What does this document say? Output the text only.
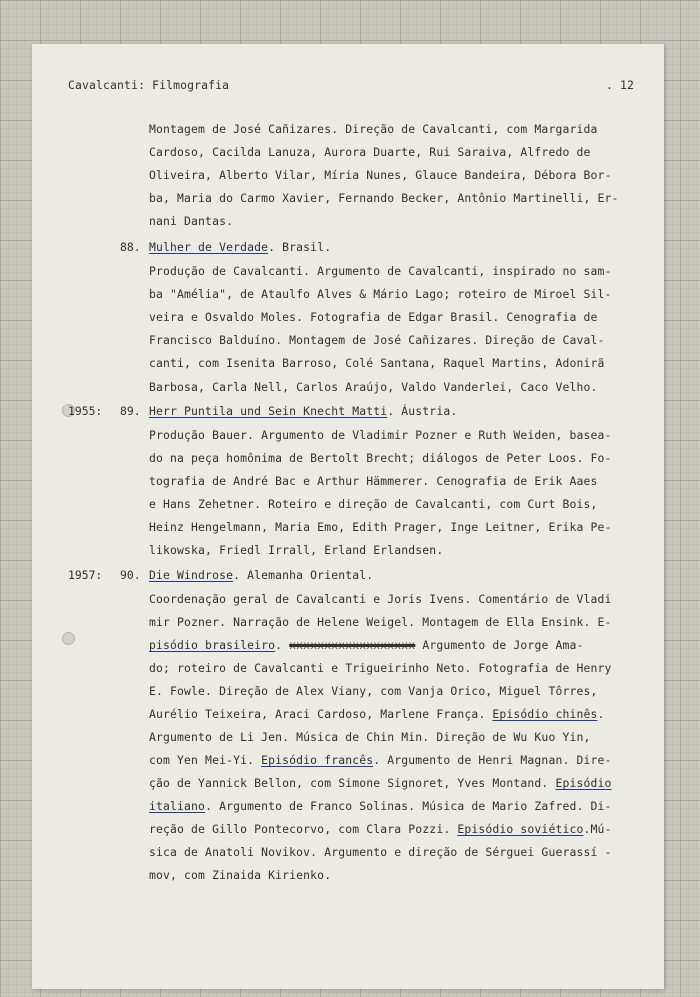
Cavalcanti: Filmografia	. 12
Montagem de José Cañizares. Direção de Cavalcanti, com Margarida
Cardoso, Cacilda Lanuza, Aurora Duarte, Rui Saraiva, Alfredo de
Oliveira, Alberto Vilar, Míria Nunes, Glauce Bandeira, Débora Bor-
ba, Maria do Carmo Xavier, Fernando Becker, Antônio Martinelli, Er-
nani Dantas.
88. Mulher de Verdade. Brasil.
Produção de Cavalcanti. Argumento de Cavalcanti, inspirado no sam-
ba "Amélia", de Ataulfo Alves & Mário Lago; roteiro de Miroel Sil-
veira e Osvaldo Moles. Fotografia de Edgar Brasil. Cenografia de
Francisco Balduíno. Montagem de José Cañizares. Direção de Caval-
canti, com Isenita Barroso, Colé Santana, Raquel Martins, Adonirã
Barbosa, Carla Nell, Carlos Araújo, Valdo Vanderlei, Caco Velho.
1955: 89. Herr Puntila und Sein Knecht Matti. Áustria.
Produção Bauer. Argumento de Vladimir Pozner e Ruth Weiden, basea-
do na peça homônima de Bertolt Brecht; diálogos de Peter Loos. Fo-
tografia de André Bac e Arthur Hämmerer. Cenografia de Erik Aaes
e Hans Zehetner. Roteiro e direção de Cavalcanti, com Curt Bois,
Heinz Hengelmann, Maria Emo, Edith Prager, Inge Leitner, Erika Pe-
likowska, Friedl Irrall, Erland Erlandsen.
1957: 90. Die Windrose. Alemanha Oriental.
Coordenação geral de Cavalcanti e Joris Ivens. Comentário de Vladi
mir Pozner. Narração de Helene Weigel. Montagem de Ella Ensink. E-
pisódio brasileiro. xxxxxxxxxxxxxxxxxx Argumento de Jorge Ama-
do; roteiro de Cavalcanti e Trigueirinho Neto. Fotografia de Henry
E. Fowle. Direção de Alex Viany, com Vanja Orico, Miguel Tôrres,
Aurélio Teixeira, Araci Cardoso, Marlene França. Episódio chinês.
Argumento de Li Jen. Música de Chin Min. Direção de Wu Kuo Yin,
com Yen Mei-Yi. Episódio francês. Argumento de Henri Magnan. Dire-
ção de Yannick Bellon, com Simone Signoret, Yves Montand. Episódio
italiano. Argumento de Franco Solinas. Música de Mario Zafred. Di-
reção de Gillo Pontecorvo, com Clara Pozzi. Episódio soviético.Mú-
sica de Anatoli Novikov. Argumento e direção de Sérguei Guerassí -
mov, com Zinaida Kirienko.
